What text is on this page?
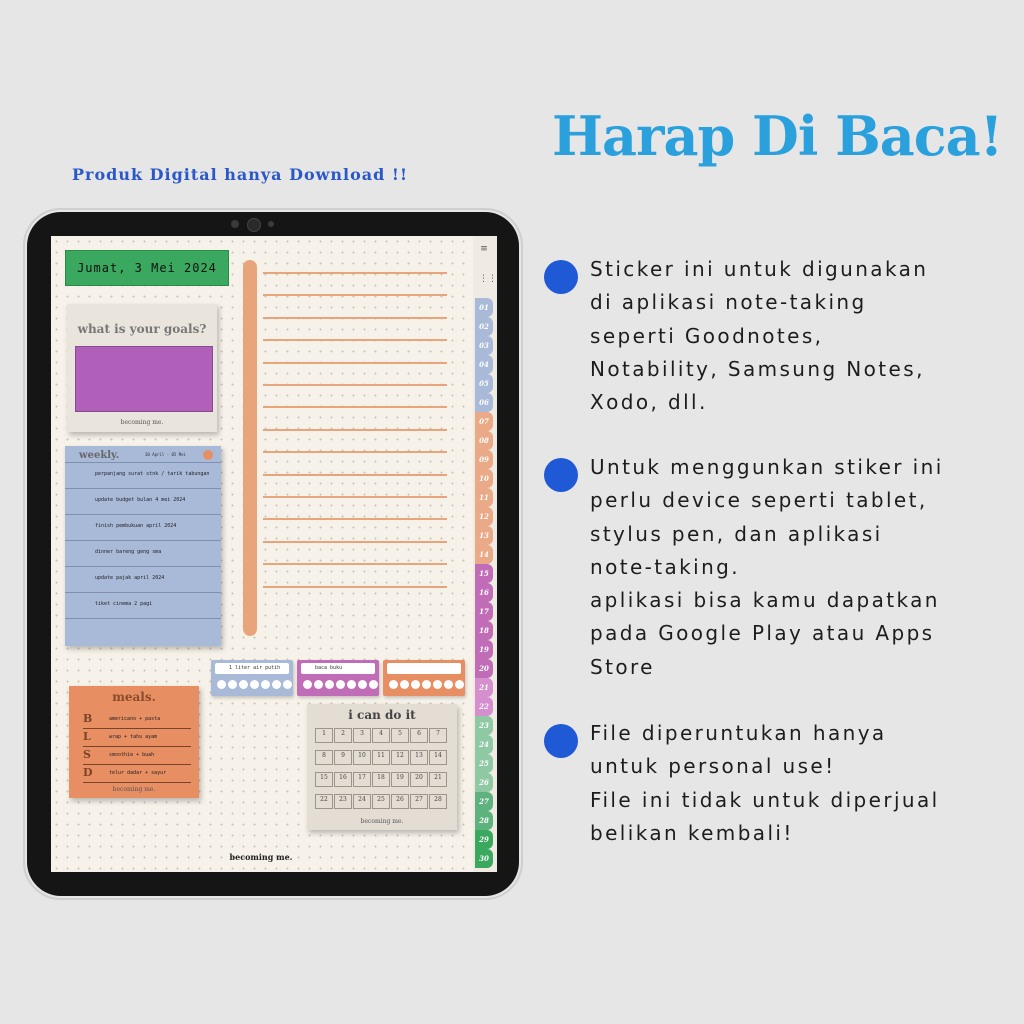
Harap Di Baca!
Produk Digital hanya Download !!
Sticker ini untuk digunakan
di aplikasi note-taking
seperti Goodnotes,
Notability, Samsung Notes,
Xodo, dll.
Untuk menggunkan stiker ini
perlu device seperti tablet,
stylus pen, dan aplikasi
note-taking.
aplikasi bisa kamu dapatkan
pada Google Play atau Apps
Store
File diperuntukan hanya
untuk personal use!
File ini tidak untuk diperjual
belikan kembali!
Jumat, 3 Mei 2024
what is your goals?
becoming me.
weekly.	30 April - 05 Mei
perpanjang surat stnk / tarik tabungan
update budget bulan 4 mei 2024
finish pembukuan april 2024
dinner bareng geng sma
update pajak april 2024
tiket cinema 2 pagi
meals.
B	americano + pasta
L	wrap + tahu ayam
S	smoothie + buah
D	telur dadar + sayur
becoming me.
1 liter air putih	baca buku
i can do it
1	2	3	4	5	6	7
8	9	10	11	12	13	14
15	16	17	18	19	20	21
22	23	24	25	26	27	28
becoming me.
becoming me.
≡
⋮⋮
01
02
03
04
05
06
07
08
09
10
11
12
13
14
15
16
17
18
19
20
21
22
23
24
25
26
27
28
29
30
